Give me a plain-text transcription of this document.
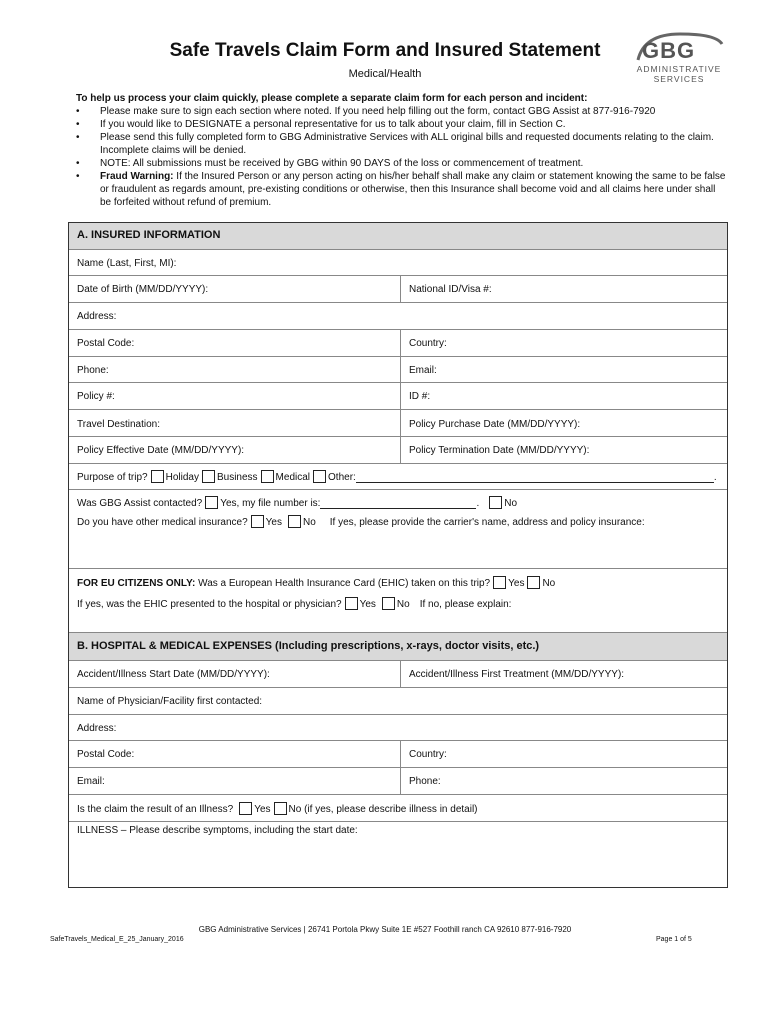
Safe Travels Claim Form and Insured Statement
Medical/Health
GBG
ADMINISTRATIVE
SERVICES
To help us process your claim quickly, please complete a separate claim form for each person and incident:
• Please make sure to sign each section where noted. If you need help filling out the form, contact GBG Assist at 877-916-7920
• If you would like to DESIGNATE a personal representative for us to talk about your claim, fill in Section C.
• Please send this fully completed form to GBG Administrative Services with ALL original bills and requested documents relating to the claim. Incomplete claims will be denied.
• NOTE: All submissions must be received by GBG within 90 DAYS of the loss or commencement of treatment.
• Fraud Warning: If the Insured Person or any person acting on his/her behalf shall make any claim or statement knowing the same to be false or fraudulent as regards amount, pre-existing conditions or otherwise, then this Insurance shall become void and all claims here under shall be forfeited without refund of premium.
A. INSURED INFORMATION
Name (Last, First, MI):
Date of Birth (MM/DD/YYYY):	National ID/Visa #:
Address:
Postal Code:	Country:
Phone:	Email:
Policy #:	ID #:
Travel Destination:	Policy Purchase Date (MM/DD/YYYY):
Policy Effective Date (MM/DD/YYYY):	Policy Termination Date (MM/DD/YYYY):
Purpose of trip? Holiday Business Medical Other:	.
Was GBG Assist contacted? Yes, my file number is:	.	No
Do you have other medical insurance? Yes No If yes, please provide the carrier's name, address and policy insurance:
FOR EU CITIZENS ONLY: Was a European Health Insurance Card (EHIC) taken on this trip? Yes No
If yes, was the EHIC presented to the hospital or physician? Yes No If no, please explain:
B. HOSPITAL & MEDICAL EXPENSES (Including prescriptions, x-rays, doctor visits, etc.)
Accident/Illness Start Date (MM/DD/YYYY):	Accident/Illness First Treatment (MM/DD/YYYY):
Name of Physician/Facility first contacted:
Address:
Postal Code:	Country:
Email:	Phone:
Is the claim the result of an Illness? Yes No (if yes, please describe illness in detail)
ILLNESS – Please describe symptoms, including the start date:
GBG Administrative Services | 26741 Portola Pkwy Suite 1E #527 Foothill ranch CA 92610 877-916-7920
SafeTravels_Medical_E_25_January_2016	Page 1 of 5
